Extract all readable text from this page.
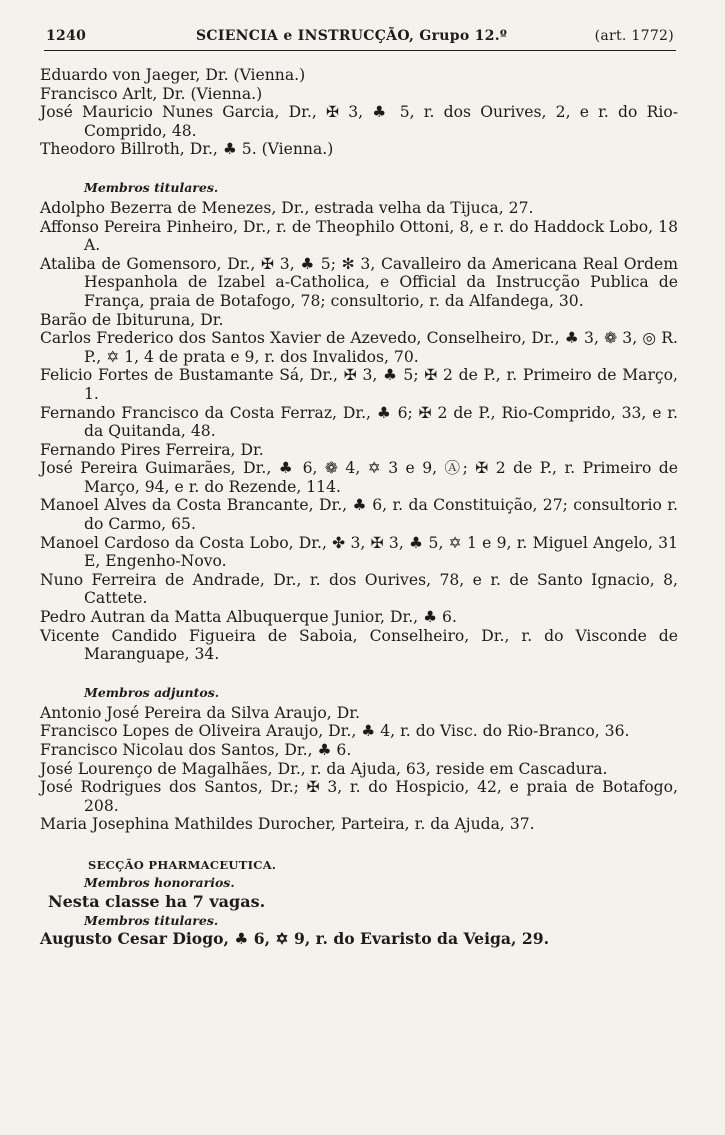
1240	SCIENCIA e INSTRUCÇÃO, Grupo 12.º	(art. 1772)
Eduardo von Jaeger, Dr. (Vienna.)
Francisco Arlt, Dr. (Vienna.)
José Mauricio Nunes Garcia, Dr., ✠ 3, ♣ 5, r. dos Ourives, 2, e r. do Rio-Comprido, 48.
Theodoro Billroth, Dr., ♣ 5. (Vienna.)
Membros titulares.
Adolpho Bezerra de Menezes, Dr., estrada velha da Tijuca, 27.
Affonso Pereira Pinheiro, Dr., r. de Theophilo Ottoni, 8, e r. do Haddock Lobo, 18 A.
Ataliba de Gomensoro, Dr., ✠ 3, ♣ 5; ✻ 3, Cavalleiro da Americana Real Ordem Hespanhola de Izabel a-Catholica, e Official da Instrucção Publica de França, praia de Botafogo, 78; consultorio, r. da Alfandega, 30.
Barão de Ibituruna, Dr.
Carlos Frederico dos Santos Xavier de Azevedo, Conselheiro, Dr., ♣ 3, ❁ 3, ◎ R. P., ✡ 1, 4 de prata e 9, r. dos Invalidos, 70.
Felicio Fortes de Bustamante Sá, Dr., ✠ 3, ♣ 5; ✠ 2 de P., r. Primeiro de Março, 1.
Fernando Francisco da Costa Ferraz, Dr., ♣ 6; ✠ 2 de P., Rio-Comprido, 33, e r. da Quitanda, 48.
Fernando Pires Ferreira, Dr.
José Pereira Guimarães, Dr., ♣ 6, ❁ 4, ✡ 3 e 9, Ⓐ; ✠ 2 de P., r. Primeiro de Março, 94, e r. do Rezende, 114.
Manoel Alves da Costa Brancante, Dr., ♣ 6, r. da Constituição, 27; consultorio r. do Carmo, 65.
Manoel Cardoso da Costa Lobo, Dr., ✤ 3, ✠ 3, ♣ 5, ✡ 1 e 9, r. Miguel Angelo, 31 E, Engenho-Novo.
Nuno Ferreira de Andrade, Dr., r. dos Ourives, 78, e r. de Santo Ignacio, 8, Cattete.
Pedro Autran da Matta Albuquerque Junior, Dr., ♣ 6.
Vicente Candido Figueira de Saboia, Conselheiro, Dr., r. do Visconde de Maranguape, 34.
Membros adjuntos.
Antonio José Pereira da Silva Araujo, Dr.
Francisco Lopes de Oliveira Araujo, Dr., ♣ 4, r. do Visc. do Rio-Branco, 36.
Francisco Nicolau dos Santos, Dr., ♣ 6.
José Lourenço de Magalhães, Dr., r. da Ajuda, 63, reside em Cascadura.
José Rodrigues dos Santos, Dr.; ✠ 3, r. do Hospicio, 42, e praia de Botafogo, 208.
Maria Josephina Mathildes Durocher, Parteira, r. da Ajuda, 37.
SECÇÃO PHARMACEUTICA.
Membros honorarios.
Nesta classe ha 7 vagas.
Membros titulares.
Augusto Cesar Diogo, ♣ 6, ✡ 9, r. do Evaristo da Veiga, 29.
